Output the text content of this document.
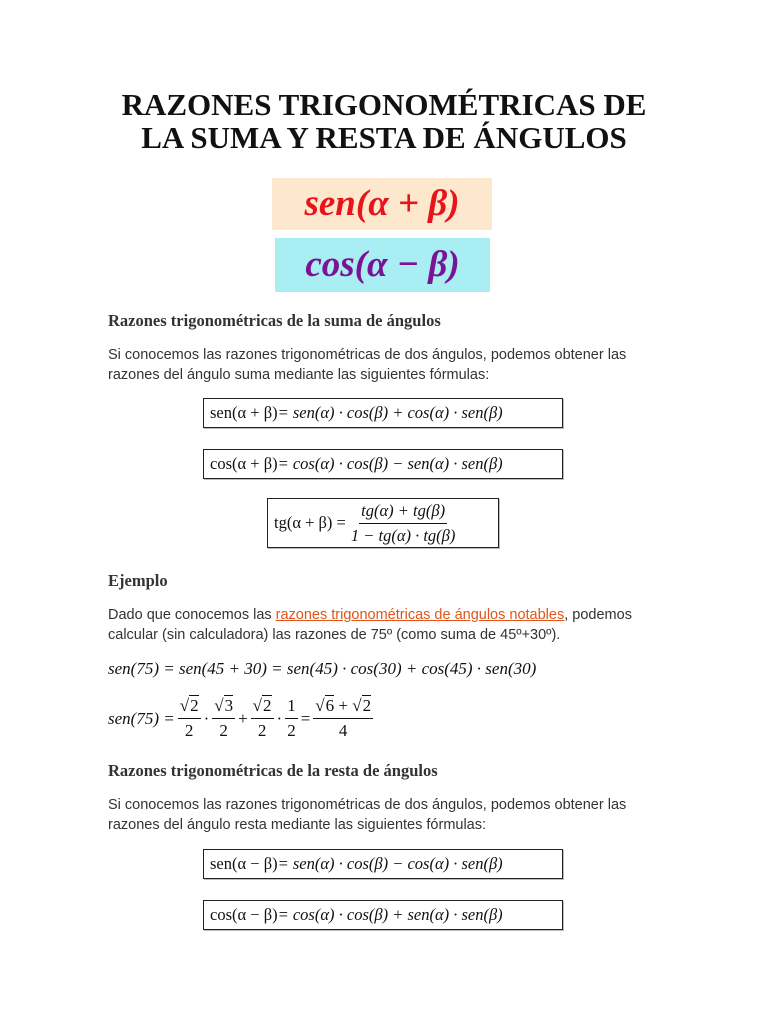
RAZONES TRIGONOMÉTRICAS DE
LA SUMA Y RESTA DE ÁNGULOS
sen(α + β)
cos(α − β)
Razones trigonométricas de la suma de ángulos

Si conocemos las razones trigonométricas de dos ángulos, podemos obtener las
razones del ángulo suma mediante las siguientes fórmulas:

sen(α + β) = sen(α) · cos(β) + cos(α) · sen(β)
cos(α + β) = cos(α) · cos(β) − sen(α) · sen(β)
$tg(\alpha + \beta) = \frac{tg(\alpha) + tg(\beta)}{1 - tg(\alpha) \cdot tg(\beta)}$
Ejemplo

Dado que conocemos las razones trigonométricas de ángulos notables, podemos
calcular (sin calculadora) las razones de 75º (como suma de 45º+30º).

sen(75) = sen(45 + 30) = sen(45) · cos(30) + cos(45) · sen(30)
$sen(75) = \frac{√2}{2} \cdot \frac{√3}{2} + \frac{√2}{2} \cdot \frac{1}{2} = \frac{√6 + √2}{4}$
Razones trigonométricas de la resta de ángulos

Si conocemos las razones trigonométricas de dos ángulos, podemos obtener las
razones del ángulo resta mediante las siguientes fórmulas:

sen(α − β) = sen(α) · cos(β) − cos(α) · sen(β)
cos(α − β) = cos(α) · cos(β) + sen(α) · sen(β)
